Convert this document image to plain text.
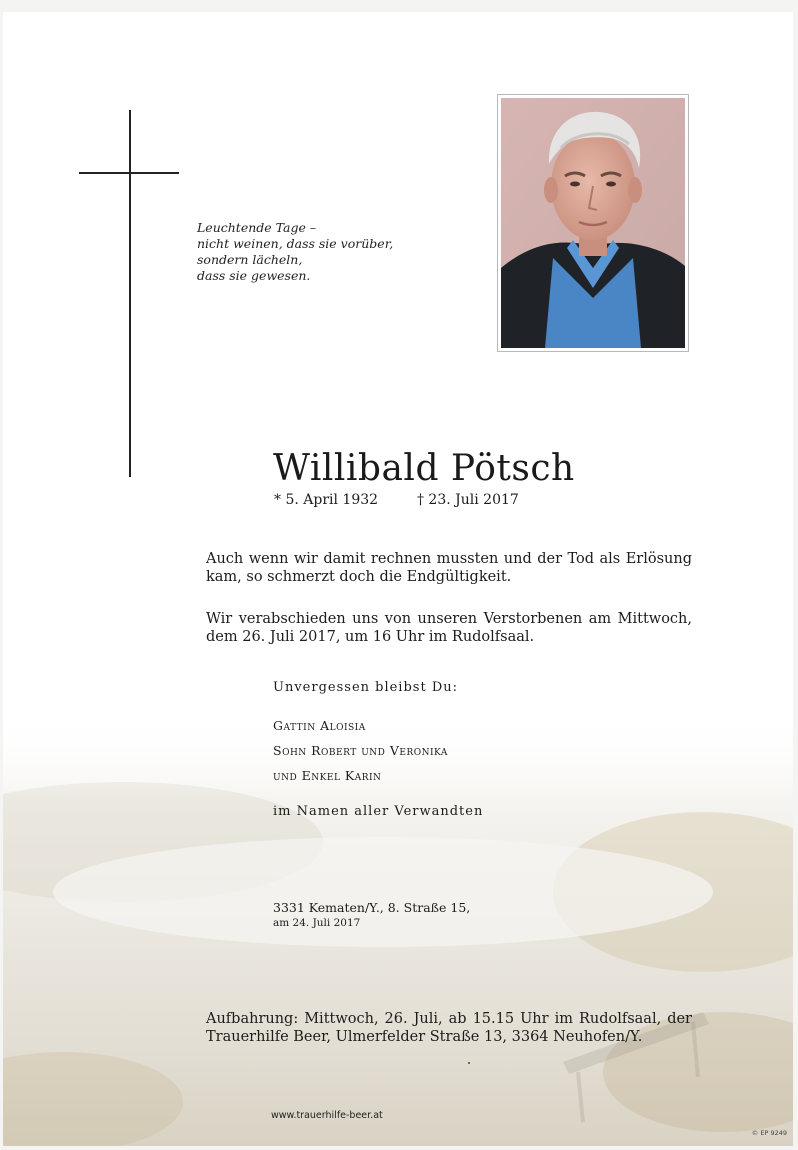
Leuchtende Tage –
nicht weinen, dass sie vorüber,
sondern lächeln,
dass sie gewesen.
Willibald Pötsch
* 5. April 1932	† 23. Juli 2017
Auch wenn wir damit rechnen mussten und der Tod als Erlösung kam, so schmerzt doch die Endgültigkeit.
Wir verabschieden uns von unseren Verstorbenen am Mittwoch, dem 26. Juli 2017, um 16 Uhr im Rudolfsaal.
Unvergessen bleibst Du:
Gattin Aloisia
Sohn Robert und Veronika
und Enkel Karin
im Namen aller Verwandten
3331 Kematen/Y., 8. Straße 15,
am 24. Juli 2017
Aufbahrung: Mittwoch, 26. Juli, ab 15.15 Uhr im Rudolfsaal, der Trauerhilfe Beer, Ulmerfelder Straße 13, 3364 Neuhofen/Y.
www.trauerhilfe-beer.at
© EP 9249
